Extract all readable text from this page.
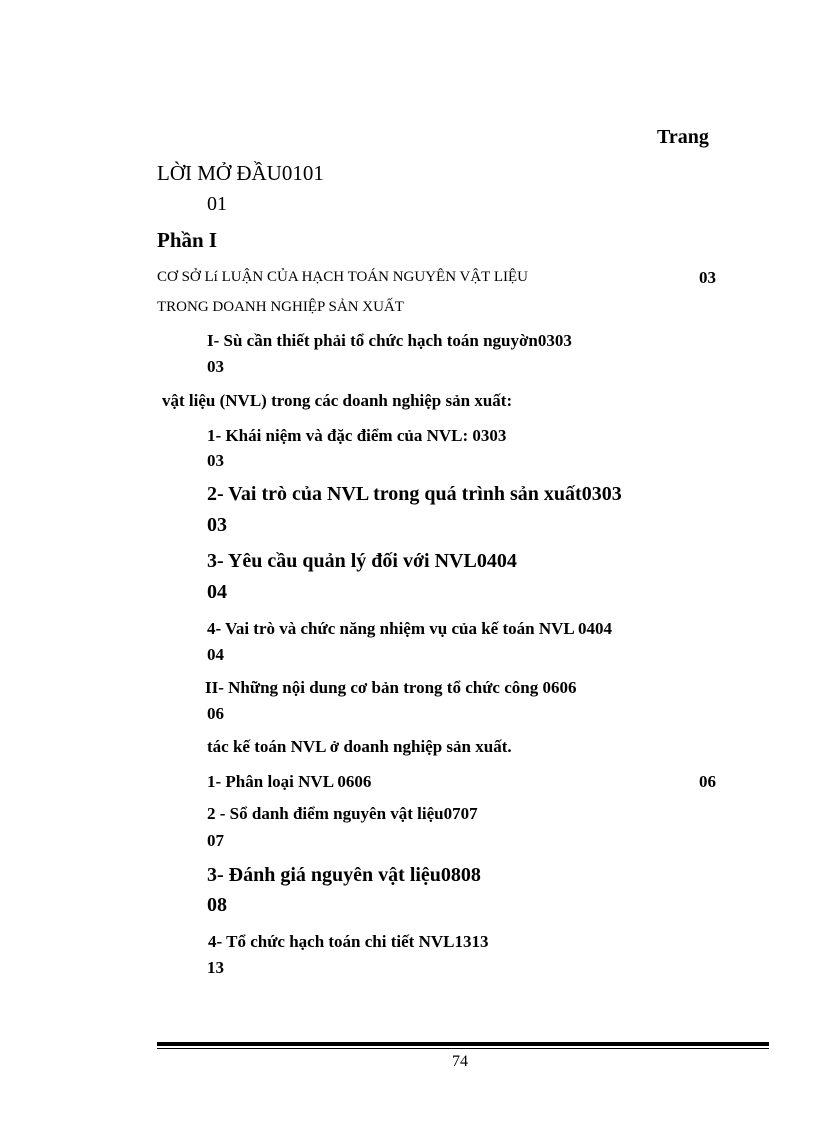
Trang
LỜI MỞ ĐẦU0101
01
Phần I
CƠ SỞ Lí LUẬN CỦA HẠCH TOÁN NGUYÊN VẬT LIỆU	03
TRONG DOANH NGHIỆP SẢN XUẤT
I- Sù cần thiết phải tổ chức hạch toán nguyờn0303
03
vật liệu (NVL) trong các doanh nghiệp sản xuất:
1- Khái niệm và đặc điểm của NVL: 0303
03
2- Vai trò của NVL trong quá trình sản xuất0303
03
3- Yêu cầu quản lý đối với NVL0404
04
4- Vai trò và chức năng nhiệm vụ của kế toán NVL 0404
04
II- Những nội dung cơ bản trong tổ chức công 0606
06
tác kế toán NVL ở doanh nghiệp sản xuất.
1- Phân loại NVL 0606	06
2 - Sổ danh điểm nguyên vật liệu0707
07
3- Đánh giá nguyên vật liệu0808
08
4- Tổ chức hạch toán chi tiết NVL1313
13
74
